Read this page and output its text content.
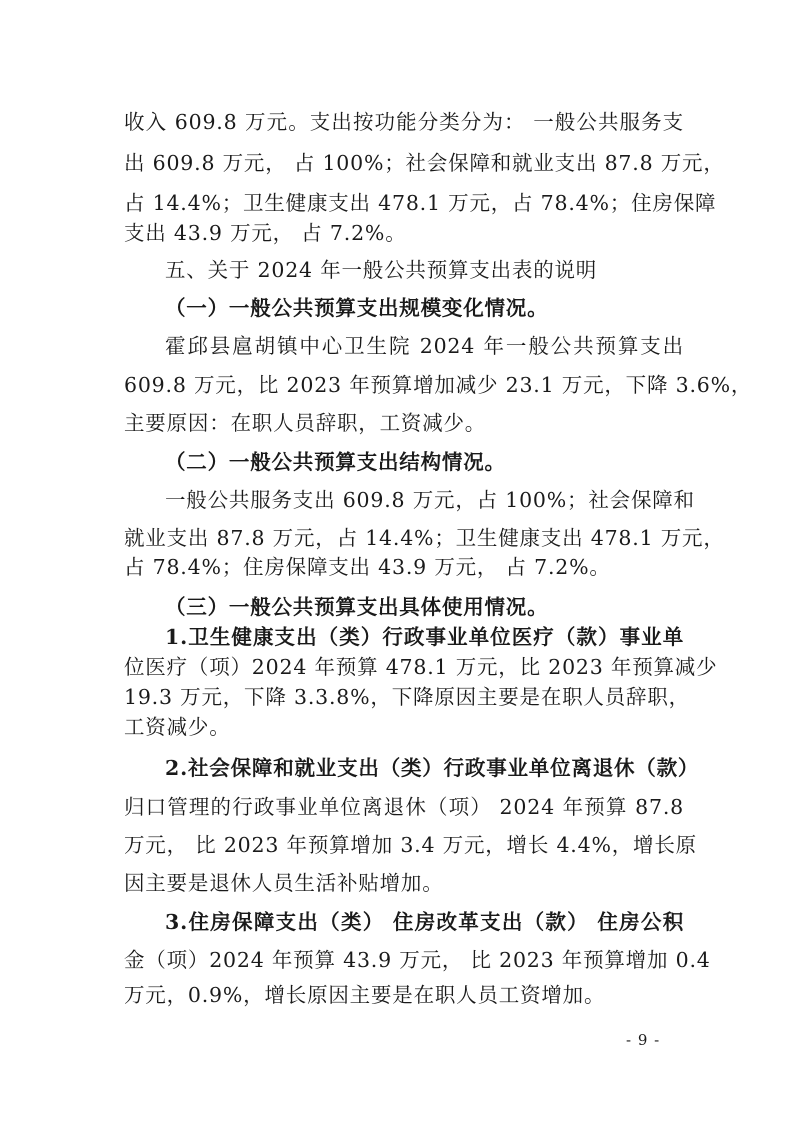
收入 609.8 万元。支出按功能分类分为： 一般公共服务支
出 609.8 万元， 占 100%；社会保障和就业支出 87.8 万元，
占 14.4%；卫生健康支出 478.1 万元，占 78.4%；住房保障
支出 43.9 万元， 占 7.2%。
五、关于 2024 年一般公共预算支出表的说明
（一）一般公共预算支出规模变化情况。
霍邱县扈胡镇中心卫生院 2024 年一般公共预算支出
609.8 万元，比 2023 年预算增加减少 23.1 万元，下降 3.6%，
主要原因：在职人员辞职，工资减少。
（二）一般公共预算支出结构情况。
一般公共服务支出 609.8 万元，占 100%；社会保障和
就业支出 87.8 万元，占 14.4%；卫生健康支出 478.1 万元，
占 78.4%；住房保障支出 43.9 万元， 占 7.2%。
（三）一般公共预算支出具体使用情况。
1.卫生健康支出（类）行政事业单位医疗（款）事业单
位医疗（项）2024 年预算 478.1 万元，比 2023 年预算减少
19.3 万元，下降 3.3.8%，下降原因主要是在职人员辞职，
工资减少。
2.社会保障和就业支出（类）行政事业单位离退休（款）
归口管理的行政事业单位离退休（项） 2024 年预算 87.8
万元， 比 2023 年预算增加 3.4 万元，增长 4.4%，增长原
因主要是退休人员生活补贴增加。
3.住房保障支出（类） 住房改革支出（款） 住房公积
金（项）2024 年预算 43.9 万元， 比 2023 年预算增加 0.4
万元，0.9%，增长原因主要是在职人员工资增加。
- 9 -
